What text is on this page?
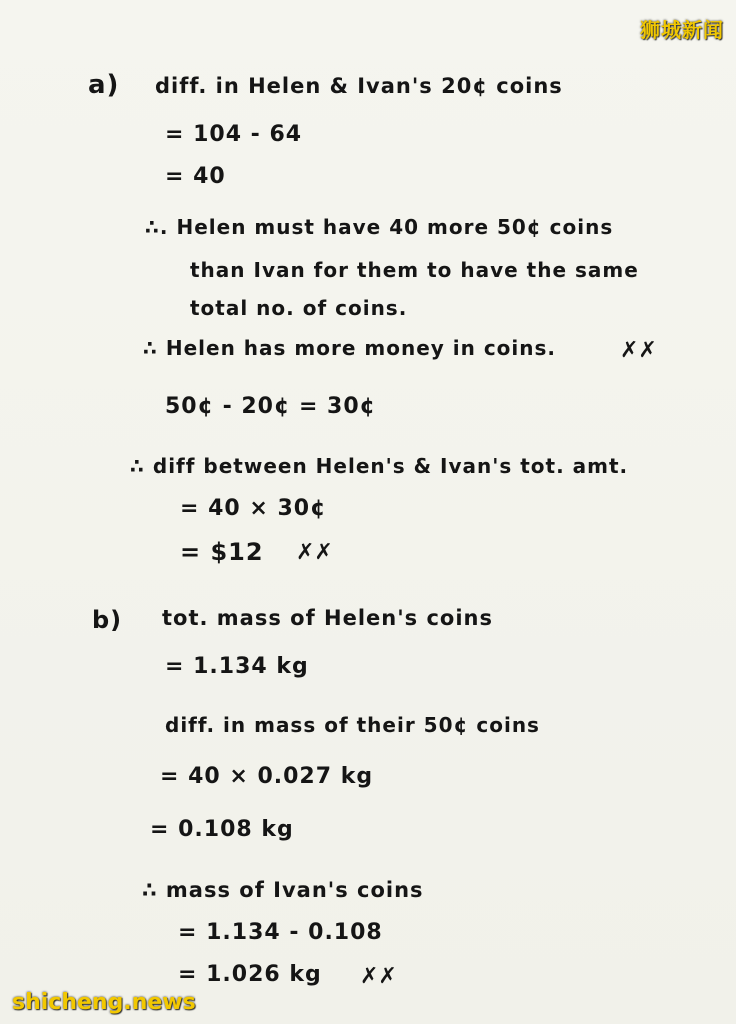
狮城新闻
a) diff. in Helen & Ivan's 20¢ coins
= 104 - 64
= 40
∴. Helen must have 40 more 50¢ coins
than Ivan for them to have the same
total no. of coins.
∴ Helen has more money in coins.	✗✗
50¢ - 20¢ = 30¢
∴ diff between Helen's & Ivan's tot. amt.
= 40 × 30¢
= $12 ✗✗
b) tot. mass of Helen's coins
= 1.134 kg
diff. in mass of their 50¢ coins
= 40 × 0.027 kg
= 0.108 kg
∴ mass of Ivan's coins
= 1.134 - 0.108
= 1.026 kg ✗✗
shicheng.news
